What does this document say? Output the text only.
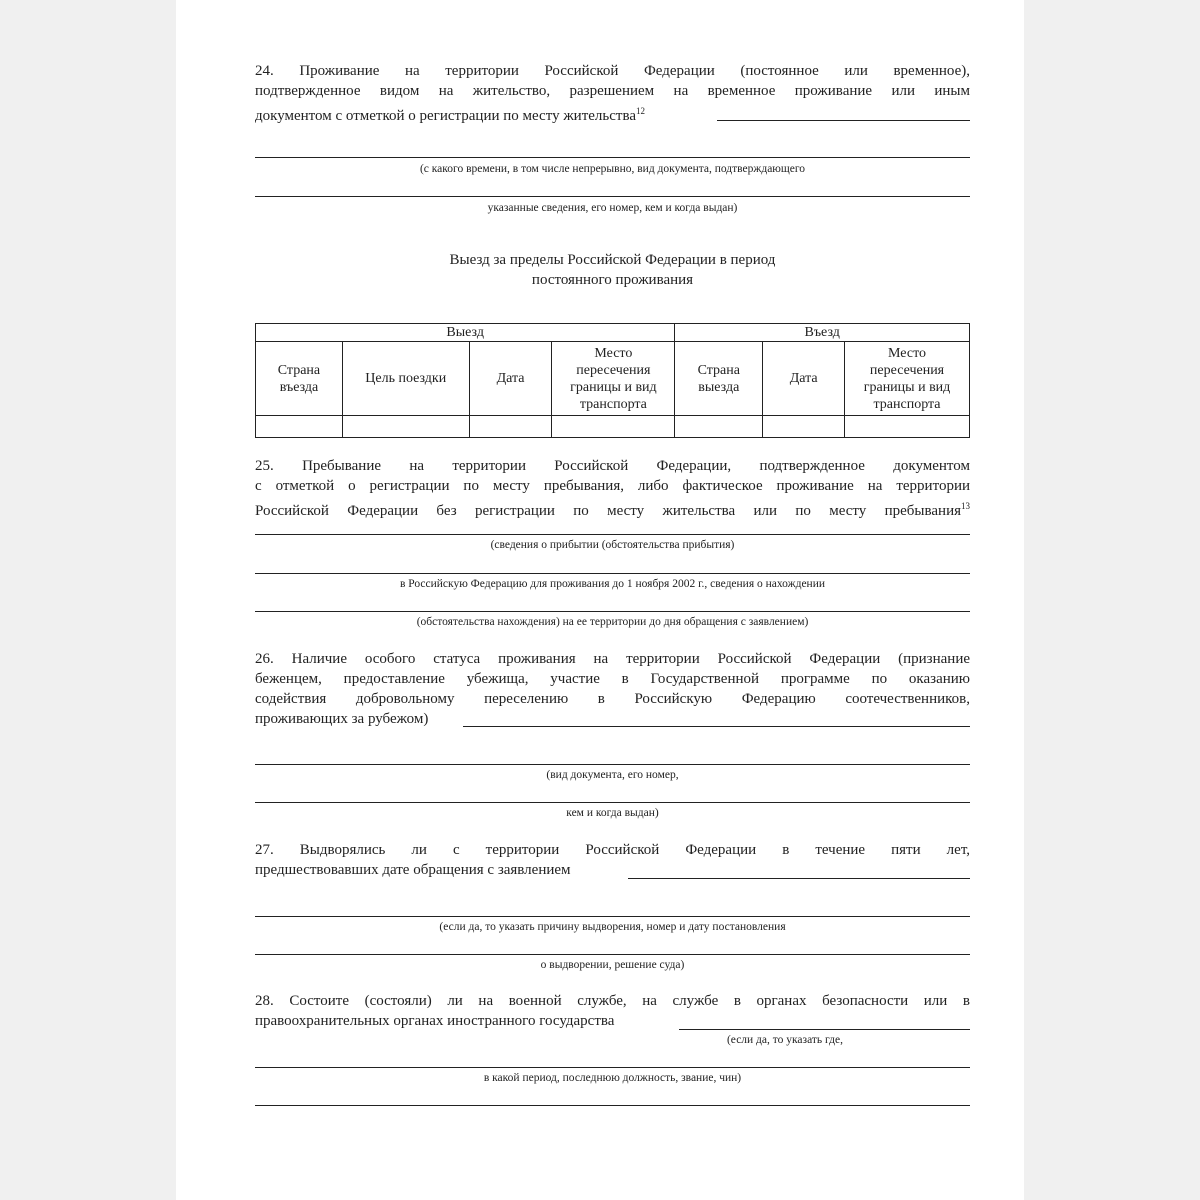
24. Проживание на территории Российской Федерации (постоянное или временное),
подтвержденное видом на жительство, разрешением на временное проживание или иным
документом с отметкой о регистрации по месту жительства$^{12}$
(с какого времени, в том числе непрерывно, вид документа, подтверждающего
указанные сведения, его номер, кем и когда выдан)
Выезд за пределы Российской Федерации в период
постоянного проживания
Выезд				Въезд		
Страна въезда	Цель поездки	Дата	Место пересечения границы и вид транспорта	Страна выезда	Дата	Место пересечения границы и вид транспорта

25. Пребывание на территории Российской Федерации, подтвержденное документом
с отметкой о регистрации по месту пребывания, либо фактическое проживание на территории
Российской Федерации без регистрации по месту жительства или по месту пребывания$^{13}$
(сведения о прибытии (обстоятельства прибытия)
в Российскую Федерацию для проживания до 1 ноября 2002 г., сведения о нахождении
(обстоятельства нахождения) на ее территории до дня обращения с заявлением)
26. Наличие особого статуса проживания на территории Российской Федерации (признание
беженцем, предоставление убежища, участие в Государственной программе по оказанию
содействия добровольному переселению в Российскую Федерацию соотечественников,
проживающих за рубежом)
(вид документа, его номер,
кем и когда выдан)
27. Выдворялись ли с территории Российской Федерации в течение пяти лет,
предшествовавших дате обращения с заявлением
(если да, то указать причину выдворения, номер и дату постановления
о выдворении, решение суда)
28. Состоите (состояли) ли на военной службе, на службе в органах безопасности или в
правоохранительных органах иностранного государства
(если да, то указать где,
в какой период, последнюю должность, звание, чин)
